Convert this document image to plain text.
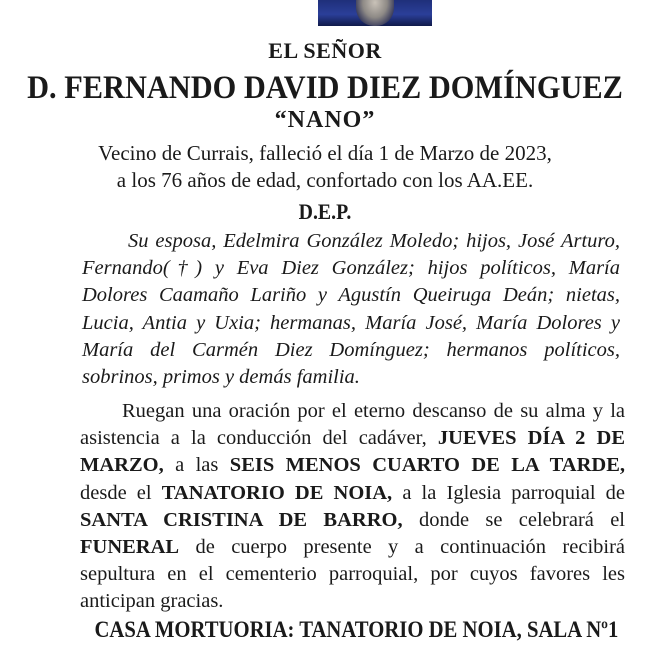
EL SEÑOR
D. FERNANDO DAVID DIEZ DOMÍNGUEZ
“NANO”
Vecino de Currais, falleció el día 1 de Marzo de 2023,
a los 76 años de edad, confortado con los AA.EE.
D.E.P.
Su esposa, Edelmira González Moledo; hijos, José Arturo, Fernando(†) y Eva Diez González; hijos políticos, María Dolores Caamaño Lariño y Agustín Queiruga Deán; nietas, Lucia, Antia y Uxia; hermanas, María José, María Dolores y María del Carmén Diez Domínguez; hermanos políticos, sobrinos, primos y demás familia.
Ruegan una oración por el eterno descanso de su alma y la asistencia a la conducción del cadáver, JUEVES DÍA 2 DE MARZO, a las SEIS MENOS CUARTO DE LA TARDE, desde el TANATORIO DE NOIA, a la Iglesia parroquial de SANTA CRISTINA DE BARRO, donde se celebrará el FUNERAL de cuerpo presente y a continuación recibirá sepultura en el cementerio parroquial, por cuyos favores les anticipan gracias.
CASA MORTUORIA: TANATORIO DE NOIA, SALA Nº1
